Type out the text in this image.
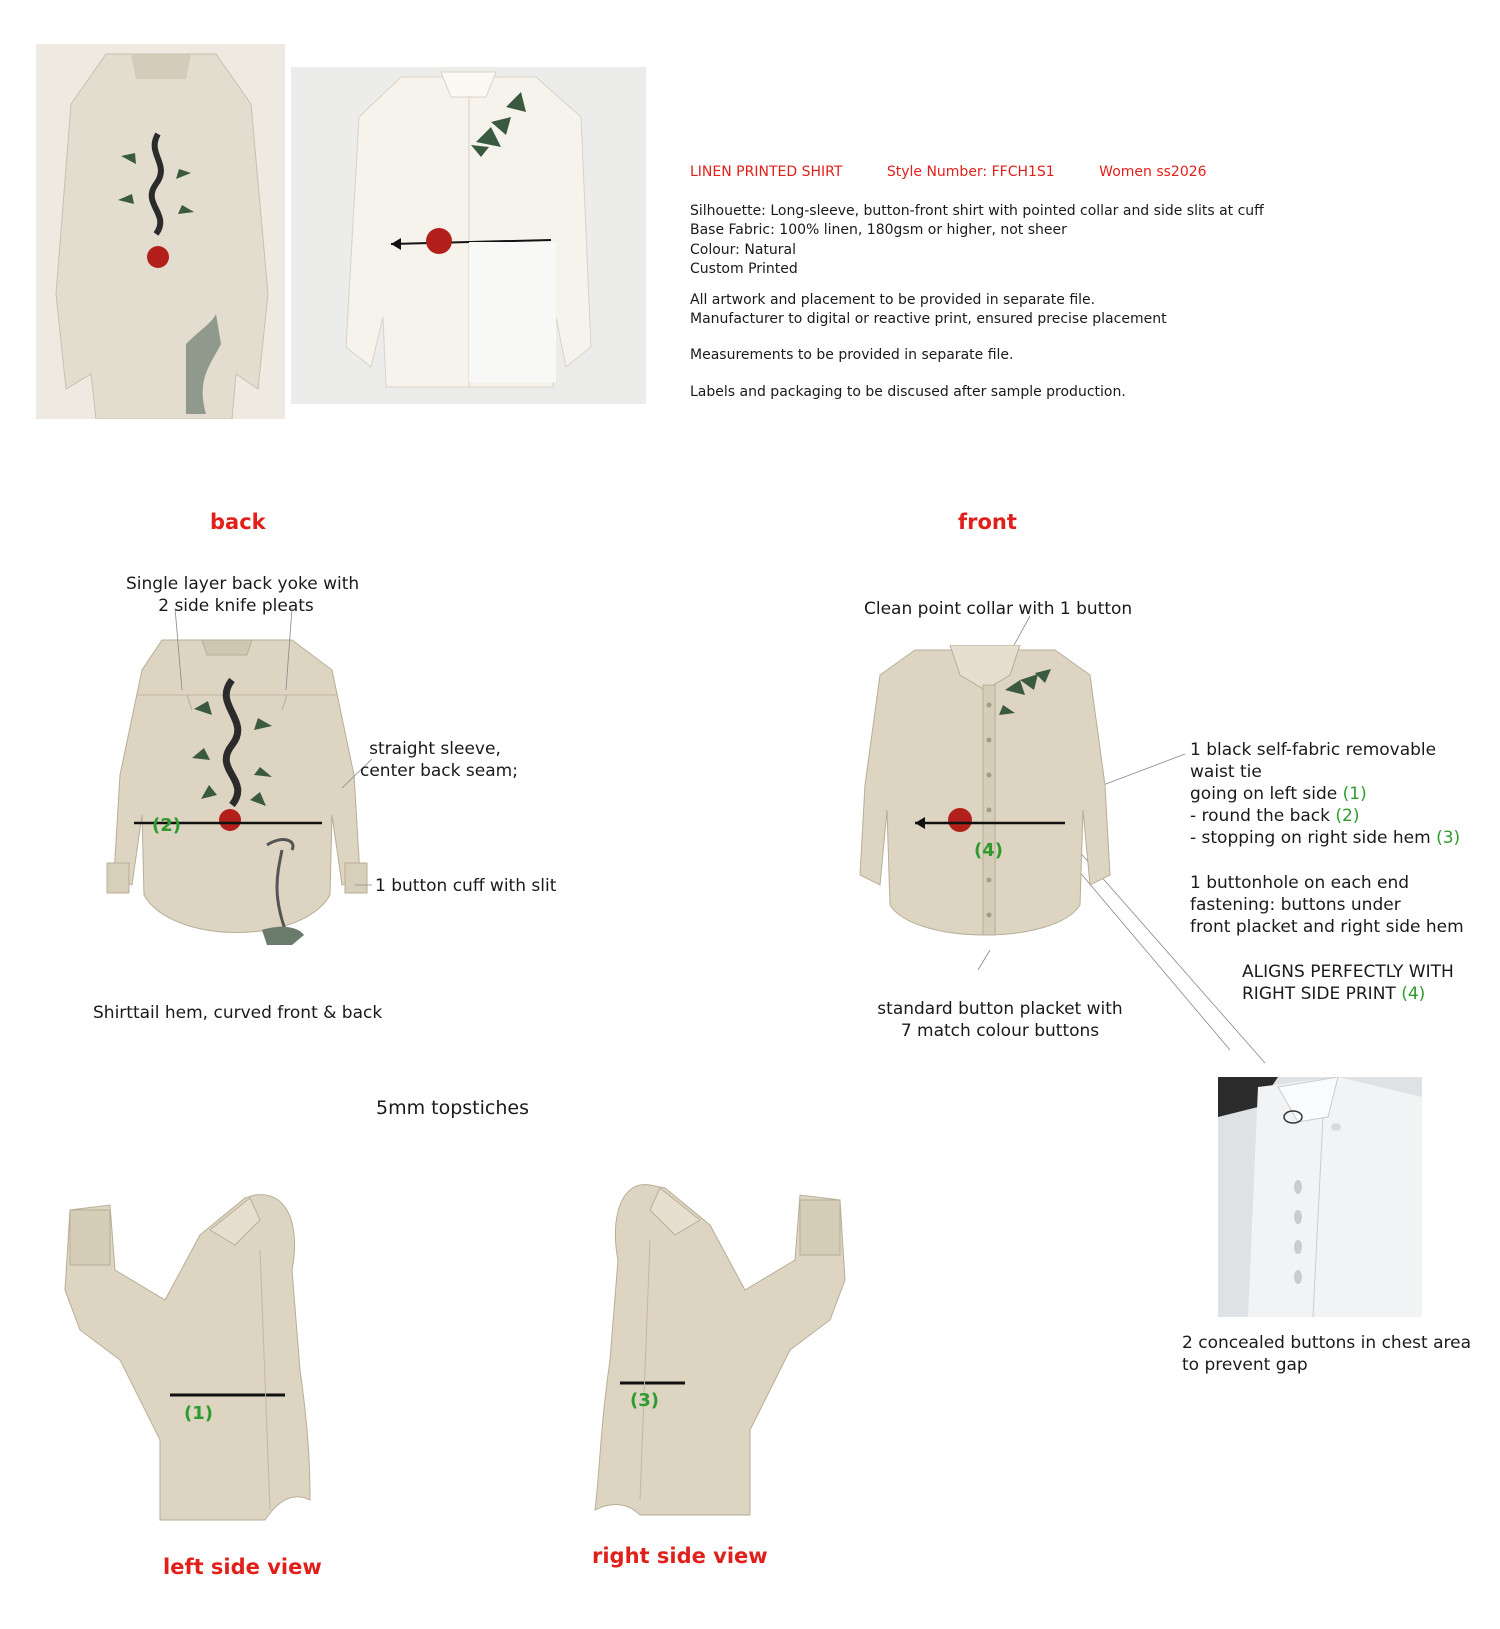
LINEN PRINTED SHIRT	Style Number: FFCH1S1	Women ss2026
Silhouette: Long-sleeve, button-front shirt with pointed collar and side slits at cuff
Base Fabric: 100% linen, 180gsm or higher, not sheer
Colour: Natural
Custom Printed
All artwork and placement to be provided in separate file.
Manufacturer to digital or reactive print, ensured precise placement
Measurements to be provided in separate file.
Labels and packaging to be discused after sample production.
back
Single layer back yoke with
2 side knife pleats
(2)
straight sleeve,
center back seam;
1 button cuff with slit
Shirttail hem, curved front & back
front
Clean point collar with 1 button
(4)
1 black self-fabric removable
waist tie
going on left side (1)
- round the back (2)
- stopping on right side hem (3)
1 buttonhole on each end
fastening: buttons under
front placket and right side hem
ALIGNS PERFECTLY WITH
RIGHT SIDE PRINT (4)
standard button placket with
7 match colour buttons
2 concealed buttons in chest area
to prevent gap
5mm topstiches
(1)
left side view
(3)
right side view
